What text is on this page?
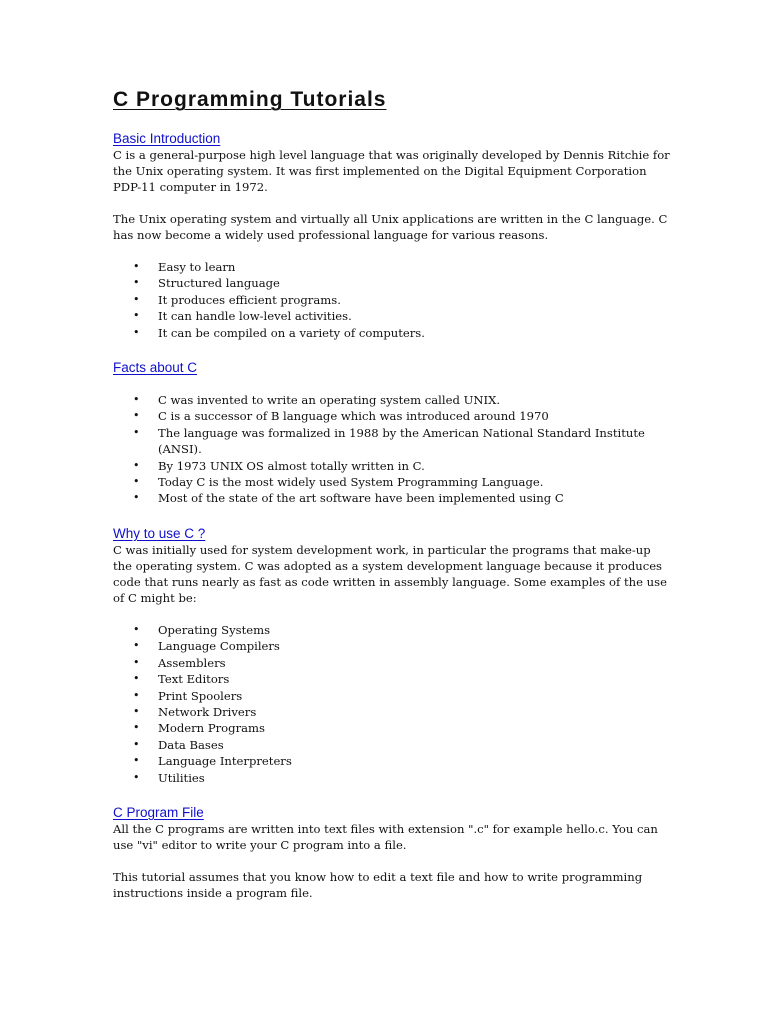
C Programming Tutorials
Basic Introduction

C is a general-purpose high level language that was originally developed by Dennis Ritchie for the Unix operating system. It was first implemented on the Digital Equipment Corporation PDP-11 computer in 1972.

The Unix operating system and virtually all Unix applications are written in the C language. C has now become a widely used professional language for various reasons.

• Easy to learn
• Structured language
• It produces efficient programs.
• It can handle low-level activities.
• It can be compiled on a variety of computers.
Facts about C
• C was invented to write an operating system called UNIX.
• C is a successor of B language which was introduced around 1970
• The language was formalized in 1988 by the American National Standard Institute (ANSI).
• By 1973 UNIX OS almost totally written in C.
• Today C is the most widely used System Programming Language.
• Most of the state of the art software have been implemented using C
Why to use C ?

C was initially used for system development work, in particular the programs that make-up the operating system. C was adopted as a system development language because it produces code that runs nearly as fast as code written in assembly language. Some examples of the use of C might be:

• Operating Systems
• Language Compilers
• Assemblers
• Text Editors
• Print Spoolers
• Network Drivers
• Modern Programs
• Data Bases
• Language Interpreters
• Utilities
C Program File

All the C programs are written into text files with extension ".c" for example hello.c. You can use "vi" editor to write your C program into a file.

This tutorial assumes that you know how to edit a text file and how to write programming instructions inside a program file.
